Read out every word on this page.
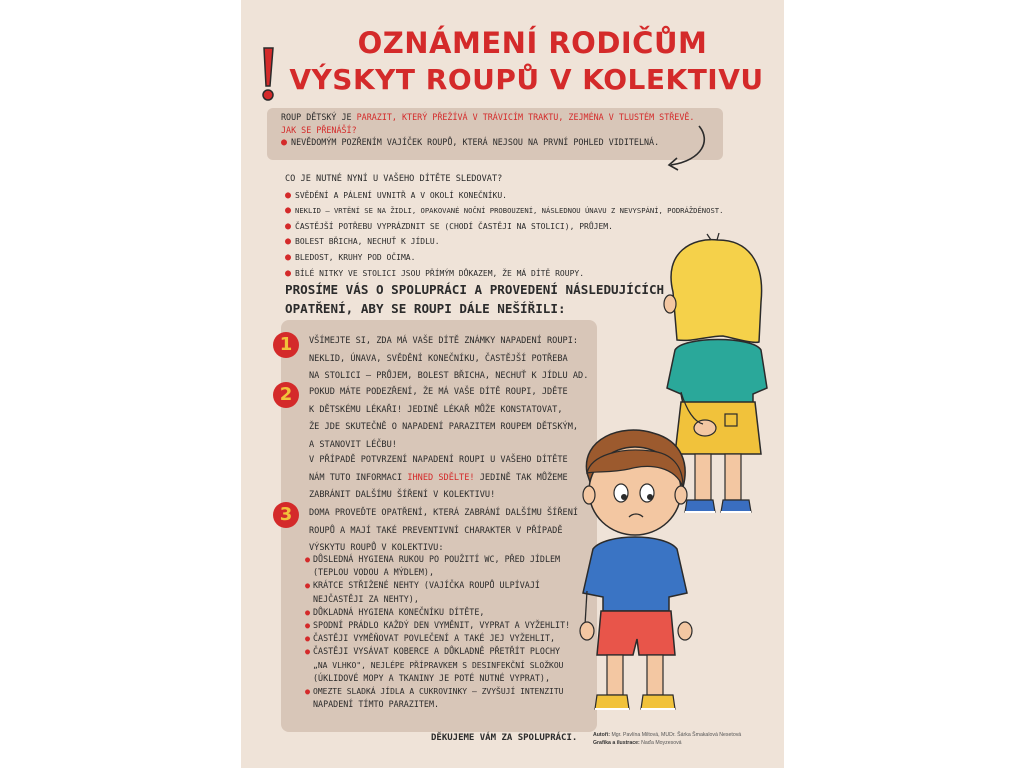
OZNÁMENÍ RODIČŮM
VÝSKYT ROUPŮ V KOLEKTIVU
ROUP DĚTSKÝ JE PARAZIT, KTERÝ PŘEŽÍVÁ V TRÁVICÍM TRAKTU, ZEJMÉNA V TLUSTÉM STŘEVĚ.
JAK SE PŘENÁŠÍ?
● NEVĚDOMÝM POZŘENÍM VAJÍČEK ROUPŮ, KTERÁ NEJSOU NA PRVNÍ POHLED VIDITELNÁ.
CO JE NUTNÉ NYNÍ U VAŠEHO DÍTĚTE SLEDOVAT?
● SVĚDĚNÍ A PÁLENÍ UVNITŘ A V OKOLÍ KONEČNÍKU.
● NEKLID – VRTĚNÍ SE NA ŽIDLI, OPAKOVANÉ NOČNÍ PROBOUZENÍ, NÁSLEDNOU ÚNAVU Z NEVYSPÁNÍ, PODRÁŽDĚNOST.
● ČASTĚJŠÍ POTŘEBU VYPRÁZDNIT SE (CHODÍ ČASTĚJI NA STOLICI), PRŮJEM.
● BOLEST BŘICHA, NECHUŤ K JÍDLU.
● BLEDOST, KRUHY POD OČIMA.
● BÍLÉ NITKY VE STOLICI JSOU PŘÍMÝM DŮKAZEM, ŽE MÁ DÍTĚ ROUPY.
PROSÍME VÁS O SPOLUPRÁCI A PROVEDENÍ NÁSLEDUJÍCÍCH
OPATŘENÍ, ABY SE ROUPI DÁLE NEŠÍŘILI:
1	VŠÍMEJTE SI, ZDA MÁ VAŠE DÍTĚ ZNÁMKY NAPADENÍ ROUPI:
NEKLID, ÚNAVA, SVĚDĚNÍ KONEČNÍKU, ČASTĚJŠÍ POTŘEBA
NA STOLICI – PRŮJEM, BOLEST BŘICHA, NECHUŤ K JÍDLU AD.
2	POKUD MÁTE PODEZŘENÍ, ŽE MÁ VAŠE DÍTĚ ROUPI, JDĚTE
K DĚTSKÉMU LÉKAŘI! JEDINĚ LÉKAŘ MŮŽE KONSTATOVAT,
ŽE JDE SKUTEČNĚ O NAPADENÍ PARAZITEM ROUPEM DĚTSKÝM,
A STANOVIT LÉČBU!
V PŘÍPADĚ POTVRZENÍ NAPADENÍ ROUPI U VAŠEHO DÍTĚTE
NÁM TUTO INFORMACI IHNED SDĚLTE! JEDINĚ TAK MŮŽEME
ZABRÁNIT DALŠÍMU ŠÍŘENÍ V KOLEKTIVU!
3	DOMA PROVEĎTE OPATŘENÍ, KTERÁ ZABRÁNÍ DALŠÍMU ŠÍŘENÍ
ROUPŮ A MAJÍ TAKÉ PREVENTIVNÍ CHARAKTER V PŘÍPADĚ
VÝSKYTU ROUPŮ V KOLEKTIVU:
● DŮSLEDNÁ HYGIENA RUKOU PO POUŽITÍ WC, PŘED JÍDLEM
(TEPLOU VODOU A MÝDLEM),
● KRÁTCE STŘIŽENÉ NEHTY (VAJÍČKA ROUPŮ ULPÍVAJÍ
NEJČASTĚJI ZA NEHTY),
● DŮKLADNÁ HYGIENA KONEČNÍKU DÍTĚTE,
● SPODNÍ PRÁDLO KAŽDÝ DEN VYMĚNIT, VYPRAT A VYŽEHLIT!
● ČASTĚJI VYMĚŇOVAT POVLEČENÍ A TAKÉ JEJ VYŽEHLIT,
● ČASTĚJI VYSÁVAT KOBERCE A DŮKLADNĚ PŘETŘÍT PLOCHY
„NA VLHKO", NEJLÉPE PŘÍPRAVKEM S DESINFEKČNÍ SLOŽKOU
(ÚKLIDOVÉ MOPY A TKANINY JE POTÉ NUTNÉ VYPRAT),
● OMEZTE SLADKÁ JÍDLA A CUKROVINKY – ZVYŠUJÍ INTENZITU
NAPADENÍ TÍMTO PARAZITEM.
DĚKUJEME VÁM ZA SPOLUPRÁCI.	Autoři: Mgr. Pavlína Miltová, MUDr. Šárka Šmakalová Nesetová
Grafika a ilustrace: Naďa Moyzesová
